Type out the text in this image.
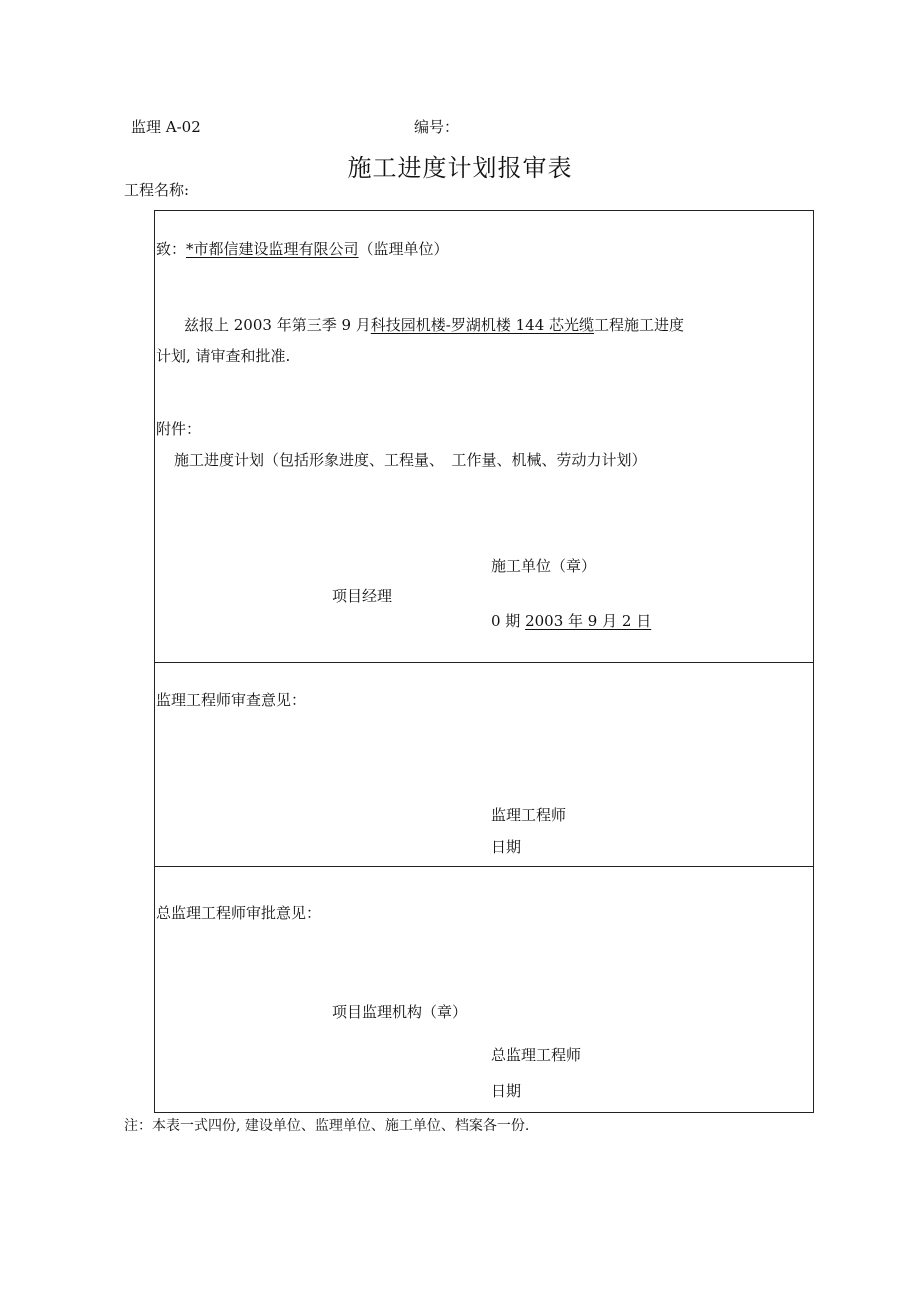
监理 A-02	编号：
施工进度计划报审表
工程名称:
致：*市都信建设监理有限公司（监理单位）
兹报上 2003 年第三季 9 月科技园机楼-罗湖机楼 144 芯光缆工程施工进度
计划, 请审查和批准.
附件：
施工进度计划（包括形象进度、工程量、　工作量、机械、劳动力计划）
施工单位（章）
项目经理
0 期 2003 年 9 月 2 日
监理工程师审查意见：
监理工程师
日期
总监理工程师审批意见：
项目监理机构（章）
总监理工程师
日期
注：本表一式四份, 建设单位、监理单位、施工单位、档案各一份.
